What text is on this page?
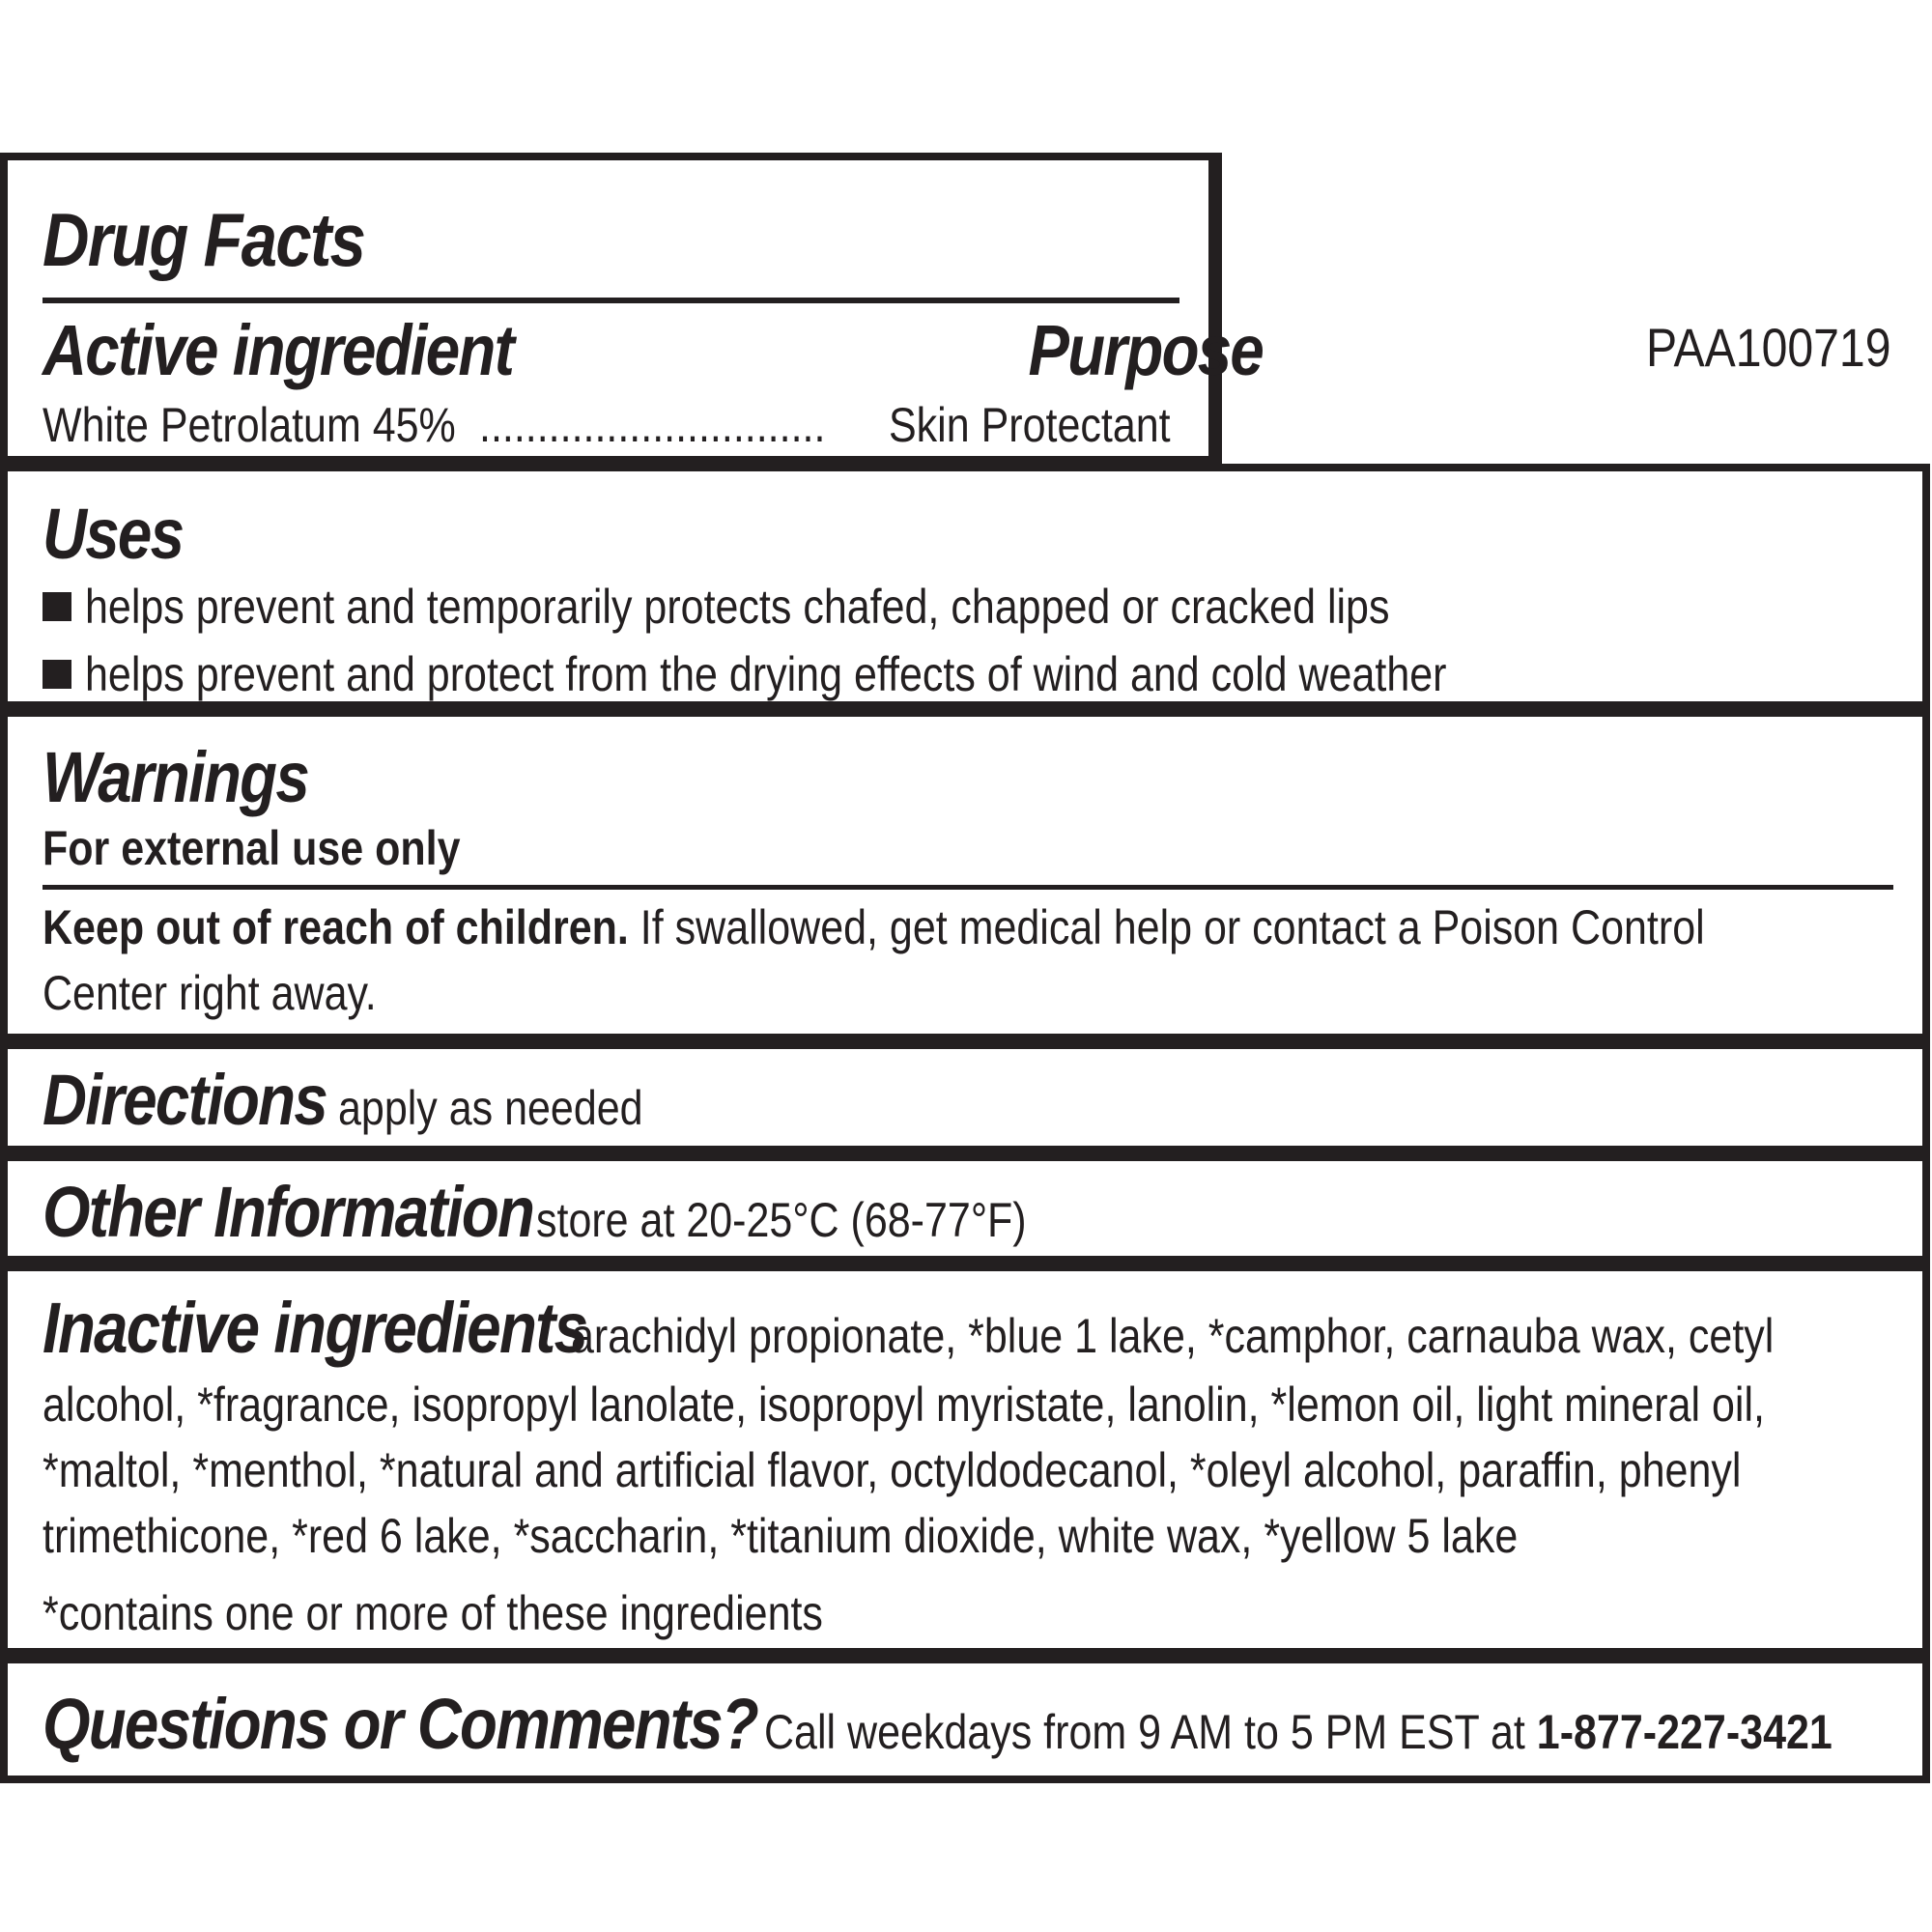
Drug Facts
Active ingredient	Purpose
White Petrolatum 45% .............................. Skin Protectant
PAA100719
Uses
helps prevent and temporarily protects chafed, chapped or cracked lips
helps prevent and protect from the drying effects of wind and cold weather
Warnings
For external use only
Keep out of reach of children. If swallowed, get medical help or contact a Poison Control
Center right away.
Directions apply as needed
Other Information store at 20-25°C (68-77°F)
Inactive ingredients arachidyl propionate, *blue 1 lake, *camphor, carnauba wax, cetyl
alcohol, *fragrance, isopropyl lanolate, isopropyl myristate, lanolin, *lemon oil, light mineral oil,
*maltol, *menthol, *natural and artificial flavor, octyldodecanol, *oleyl alcohol, paraffin, phenyl
trimethicone, *red 6 lake, *saccharin, *titanium dioxide, white wax, *yellow 5 lake
*contains one or more of these ingredients
Questions or Comments? Call weekdays from 9 AM to 5 PM EST at 1-877-227-3421
